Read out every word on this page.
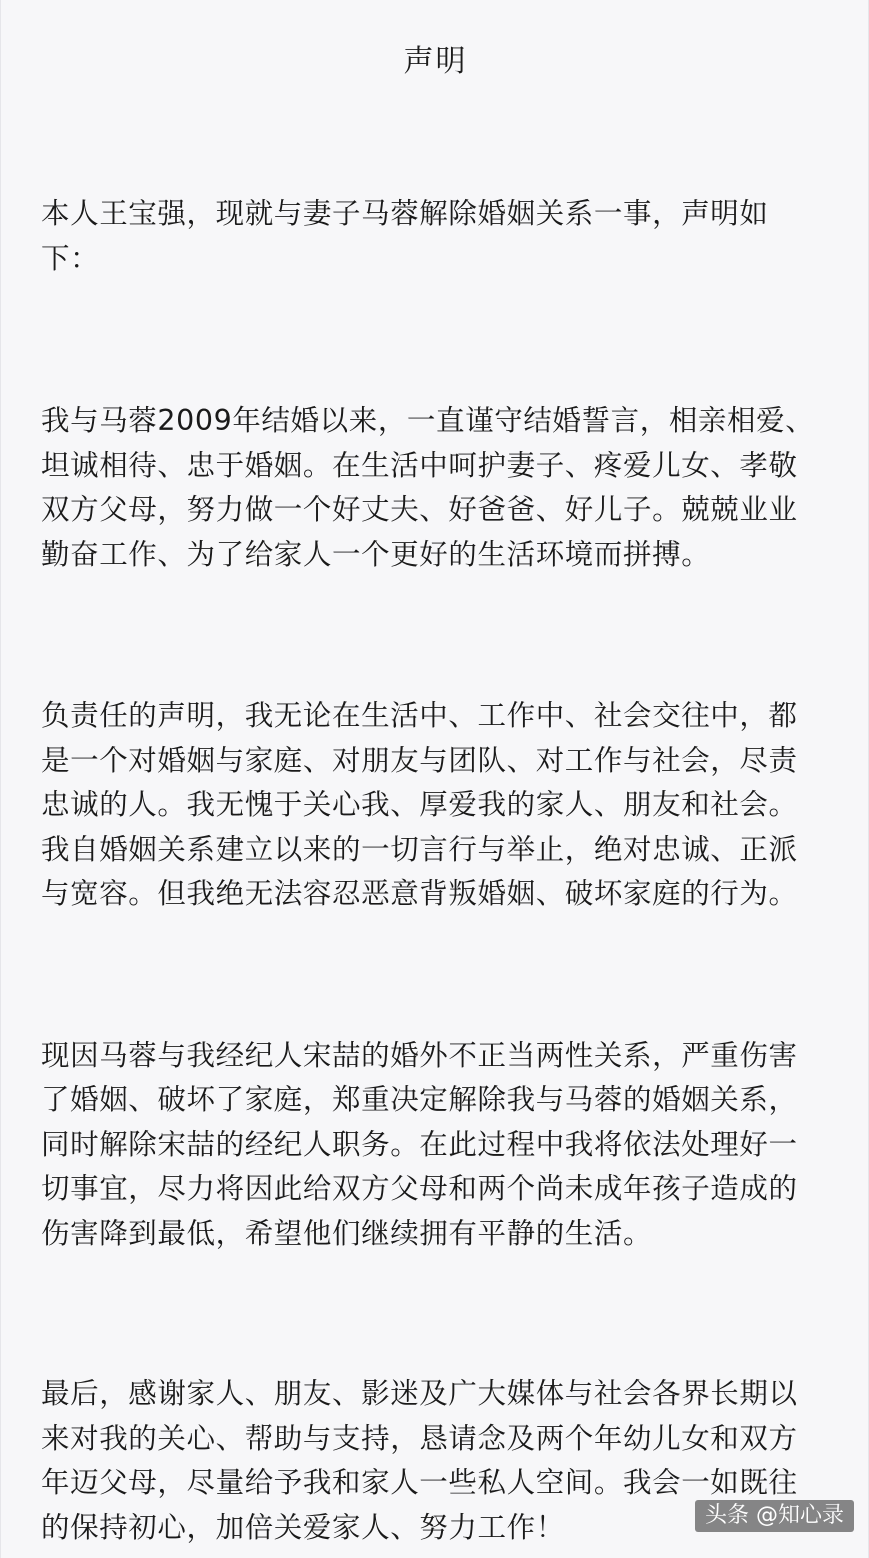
声明
本人王宝强，现就与妻子马蓉解除婚姻关系一事，声明如
下：
我与马蓉2009年结婚以来，一直谨守结婚誓言，相亲相爱、
坦诚相待、忠于婚姻。在生活中呵护妻子、疼爱儿女、孝敬
双方父母，努力做一个好丈夫、好爸爸、好儿子。兢兢业业
勤奋工作、为了给家人一个更好的生活环境而拼搏。
负责任的声明，我无论在生活中、工作中、社会交往中，都
是一个对婚姻与家庭、对朋友与团队、对工作与社会，尽责
忠诚的人。我无愧于关心我、厚爱我的家人、朋友和社会。
我自婚姻关系建立以来的一切言行与举止，绝对忠诚、正派
与宽容。但我绝无法容忍恶意背叛婚姻、破坏家庭的行为。
现因马蓉与我经纪人宋喆的婚外不正当两性关系，严重伤害
了婚姻、破坏了家庭，郑重决定解除我与马蓉的婚姻关系，
同时解除宋喆的经纪人职务。在此过程中我将依法处理好一
切事宜，尽力将因此给双方父母和两个尚未成年孩子造成的
伤害降到最低，希望他们继续拥有平静的生活。
最后，感谢家人、朋友、影迷及广大媒体与社会各界长期以
来对我的关心、帮助与支持，恳请念及两个年幼儿女和双方
年迈父母，尽量给予我和家人一些私人空间。我会一如既往
的保持初心，加倍关爱家人、努力工作！	头条 @知心录
